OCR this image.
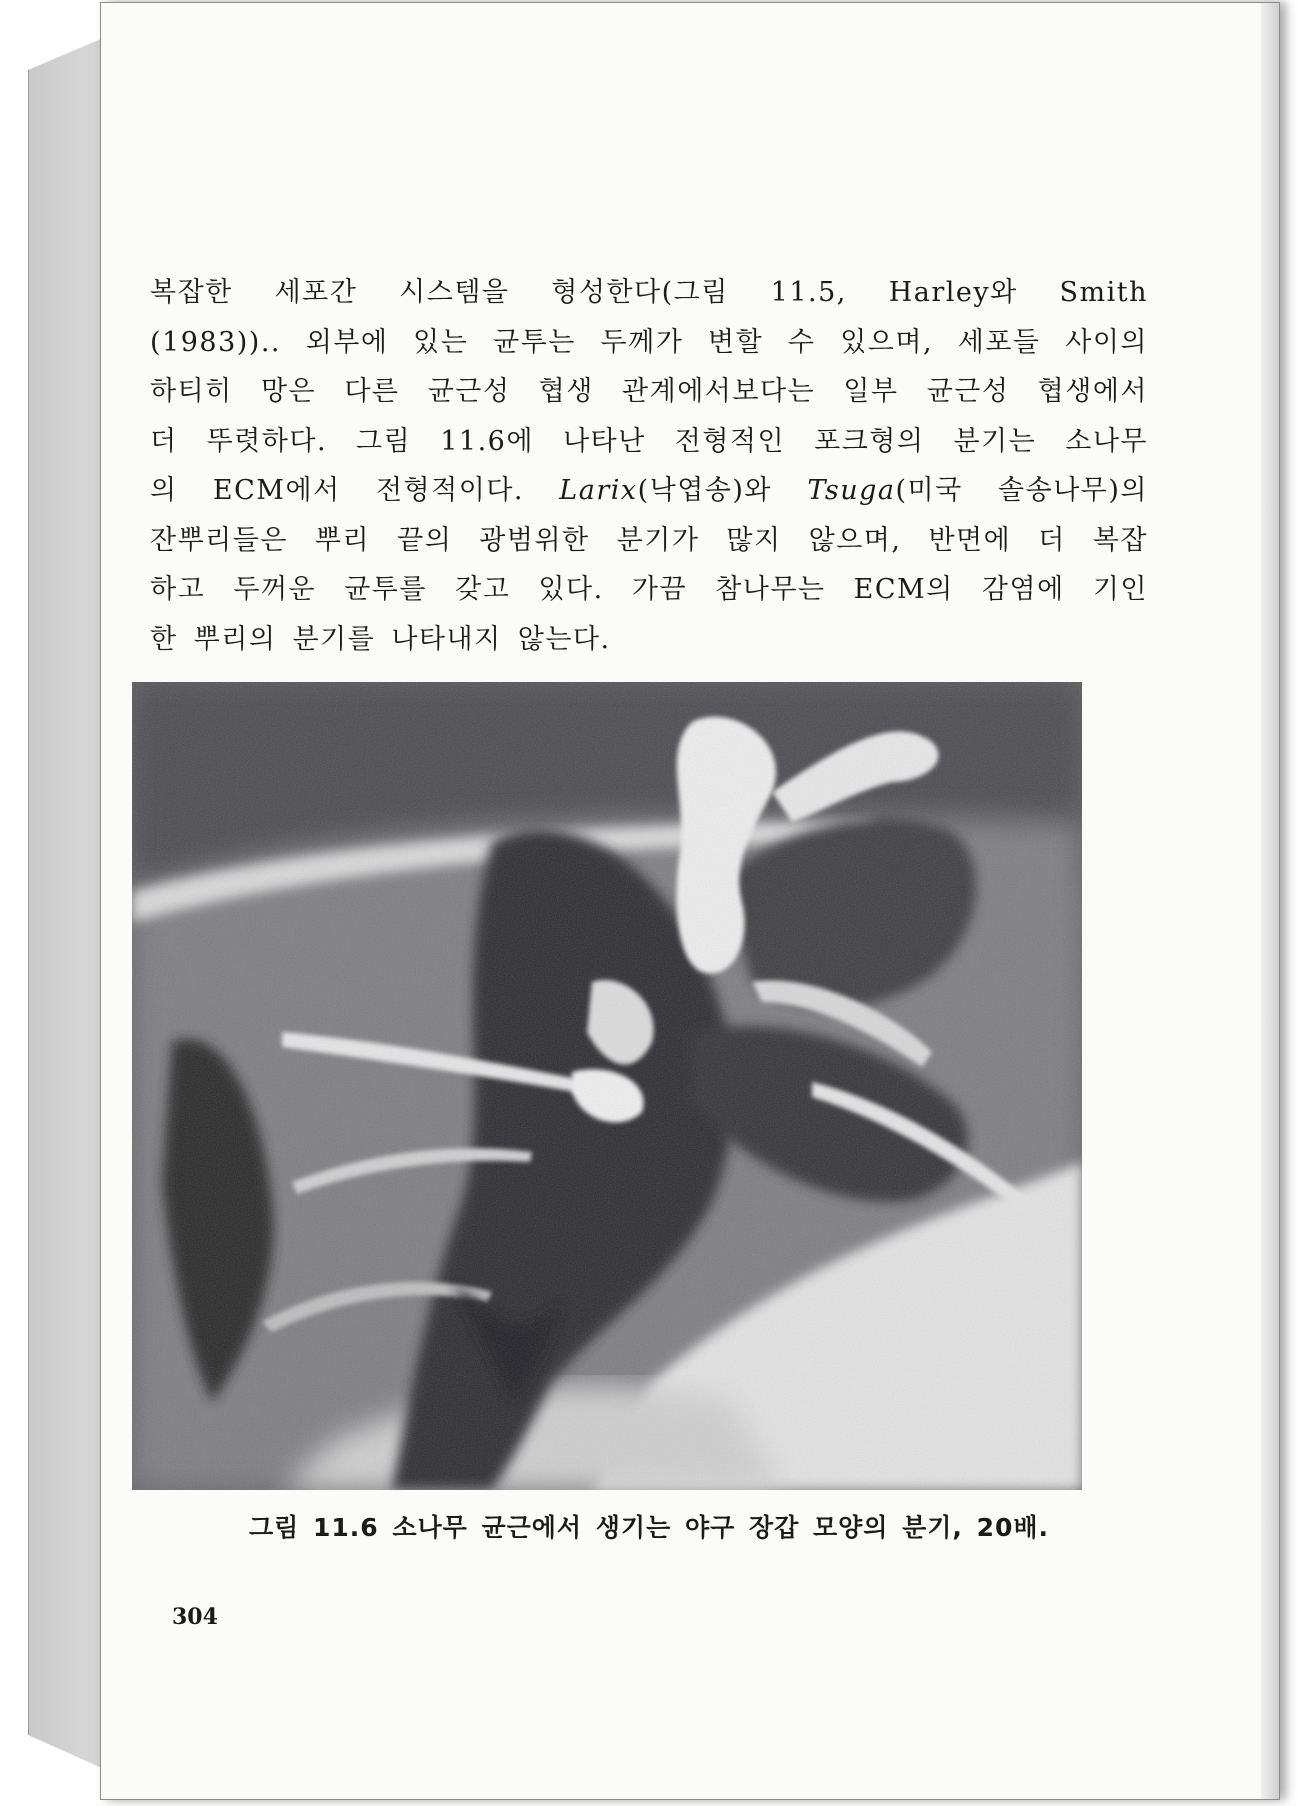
복잡한 세포간 시스템을 형성한다(그림 11.5, Harley와 Smith
(1983)).. 외부에 있는 균투는 두께가 변할 수 있으며, 세포들 사이의
하티히 망은 다른 균근성 협생 관계에서보다는 일부 균근성 협생에서
더 뚜렷하다. 그림 11.6에 나타난 전형적인 포크형의 분기는 소나무
의 ECM에서 전형적이다. Larix(낙엽송)와 Tsuga(미국 솔송나무)의
잔뿌리들은 뿌리 끝의 광범위한 분기가 많지 않으며, 반면에 더 복잡
하고 두꺼운 균투를 갖고 있다. 가끔 참나무는 ECM의 감염에 기인
한 뿌리의 분기를 나타내지 않는다.
그림 11.6 소나무 균근에서 생기는 야구 장갑 모양의 분기, 20배.
304
